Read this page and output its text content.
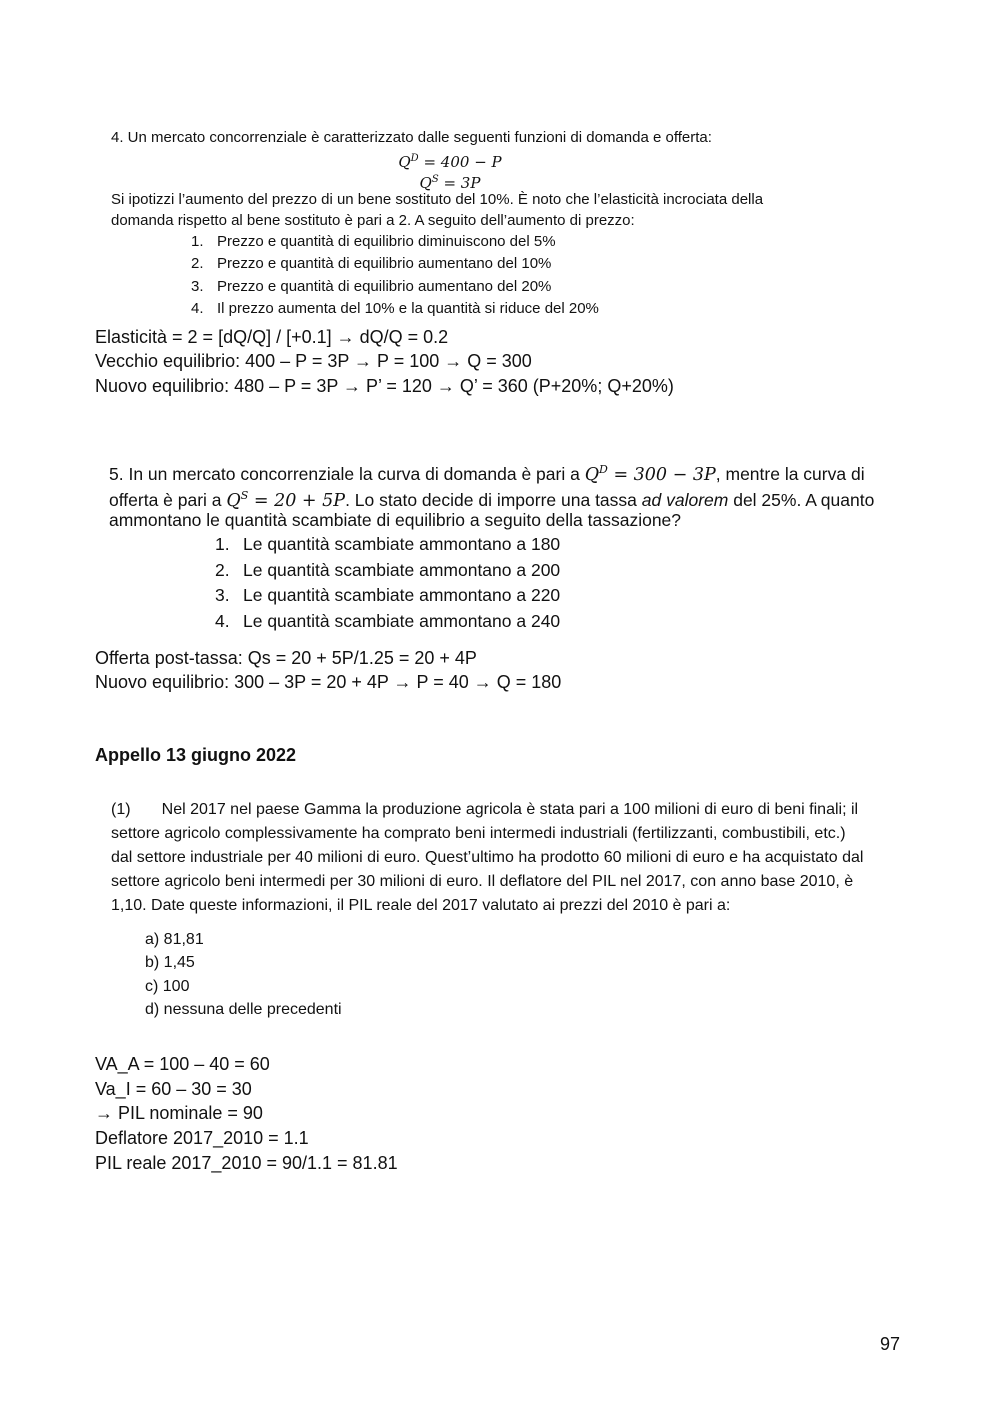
4. Un mercato concorrenziale è caratterizzato dalle seguenti funzioni di domanda e offerta:
$Q^D = 400 - P$
$Q^S = 3P$
Si ipotizzi l’aumento del prezzo di un bene sostituto del 10%. È noto che l’elasticità incrociata della
domanda rispetto al bene sostituto è pari a 2. A seguito dell’aumento di prezzo:
1. Prezzo e quantità di equilibrio diminuiscono del 5%
2. Prezzo e quantità di equilibrio aumentano del 10%
3. Prezzo e quantità di equilibrio aumentano del 20%
4. Il prezzo aumenta del 10% e la quantità si riduce del 20%
Elasticità = 2 = [dQ/Q] / [+0.1] → dQ/Q = 0.2
Vecchio equilibrio: 400 – P = 3P → P = 100 → Q = 300
Nuovo equilibrio: 480 – P = 3P → P’ = 120 → Q’ = 360 (P+20%; Q+20%)
5. In un mercato concorrenziale la curva di domanda è pari a $Q^D = 300 - 3P$, mentre la curva di
offerta è pari a $Q^S = 20 + 5P$. Lo stato decide di imporre una tassa ad valorem del 25%. A quanto
ammontano le quantità scambiate di equilibrio a seguito della tassazione?
1. Le quantità scambiate ammontano a 180
2. Le quantità scambiate ammontano a 200
3. Le quantità scambiate ammontano a 220
4. Le quantità scambiate ammontano a 240
Offerta post-tassa: Qs = 20 + 5P/1.25 = 20 + 4P
Nuovo equilibrio: 300 – 3P = 20 + 4P → P = 40 → Q = 180
Appello 13 giugno 2022
(1)       Nel 2017 nel paese Gamma la produzione agricola è stata pari a 100 milioni di euro di beni finali; il
settore agricolo complessivamente ha comprato beni intermedi industriali (fertilizzanti, combustibili, etc.)
dal settore industriale per 40 milioni di euro. Quest’ultimo ha prodotto 60 milioni di euro e ha acquistato dal
settore agricolo beni intermedi per 30 milioni di euro. Il deflatore del PIL nel 2017, con anno base 2010, è
1,10. Date queste informazioni, il PIL reale del 2017 valutato ai prezzi del 2010 è pari a:
a) 81,81
b) 1,45
c) 100
d) nessuna delle precedenti
VA_A = 100 – 40 = 60
Va_I = 60 – 30 = 30
→ PIL nominale = 90
Deflatore 2017_2010 = 1.1
PIL reale 2017_2010 = 90/1.1 = 81.81
97
